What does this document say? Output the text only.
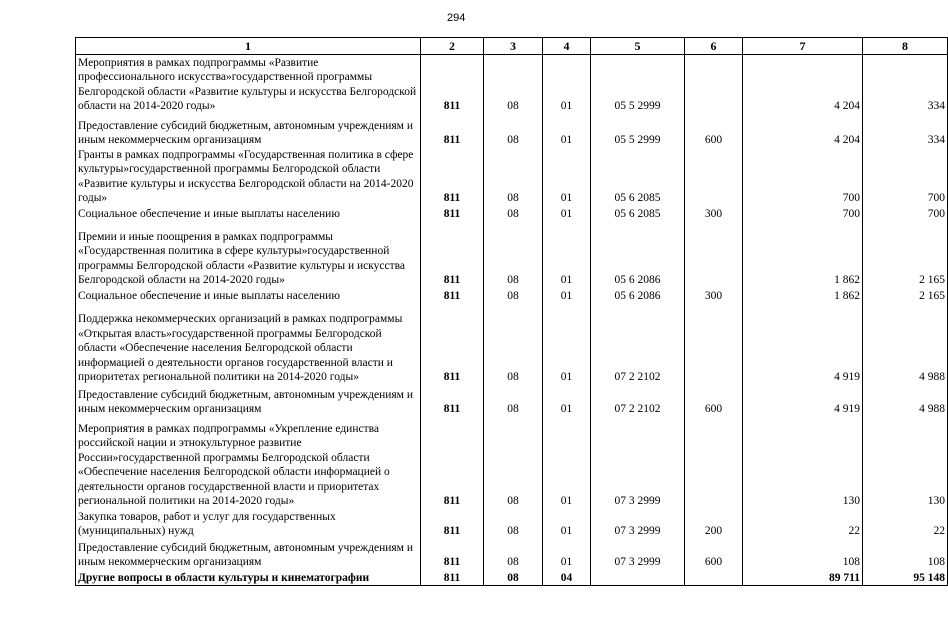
294
1	2	3	4	5	6	7	8
Мероприятия в рамках подпрограммы «Развитие профессионального искусства»государственной программы Белгородской области «Развитие культуры и искусства Белгородской области на 2014-2020 годы»	811	08	01	05 5 2999		4 204	334
Предоставление субсидий бюджетным, автономным учреждениям и иным некоммерческим организациям	811	08	01	05 5 2999	600	4 204	334
Гранты в рамках подпрограммы «Государственная политика в сфере культуры»государственной программы Белгородской области «Развитие культуры и искусства Белгородской области на 2014-2020 годы»	811	08	01	05 6 2085		700	700
Социальное обеспечение и иные выплаты населению	811	08	01	05 6 2085	300	700	700
Премии и иные поощрения в рамках подпрограммы «Государственная политика в сфере культуры»государственной программы Белгородской области «Развитие культуры и искусства Белгородской области на 2014-2020 годы»	811	08	01	05 6 2086		1 862	2 165
Социальное обеспечение и иные выплаты населению	811	08	01	05 6 2086	300	1 862	2 165
Поддержка некоммерческих организаций в рамках подпрограммы «Открытая власть»государственной программы Белгородской области «Обеспечение населения Белгородской области информацией о деятельности органов государственной власти и приоритетах региональной политики на 2014-2020 годы»	811	08	01	07 2 2102		4 919	4 988
Предоставление субсидий бюджетным, автономным учреждениям и иным некоммерческим организациям	811	08	01	07 2 2102	600	4 919	4 988
Мероприятия в рамках подпрограммы «Укрепление единства российской нации и этнокультурное развитие России»государственной программы Белгородской области «Обеспечение населения Белгородской области информацией о деятельности органов государственной власти и приоритетах региональной политики на 2014-2020 годы»	811	08	01	07 3 2999		130	130
Закупка товаров, работ и услуг для государственных (муниципальных) нужд	811	08	01	07 3 2999	200	22	22
Предоставление субсидий бюджетным, автономным учреждениям и иным некоммерческим организациям	811	08	01	07 3 2999	600	108	108
Другие вопросы в области культуры и кинематографии	811	08	04			89 711	95 148
